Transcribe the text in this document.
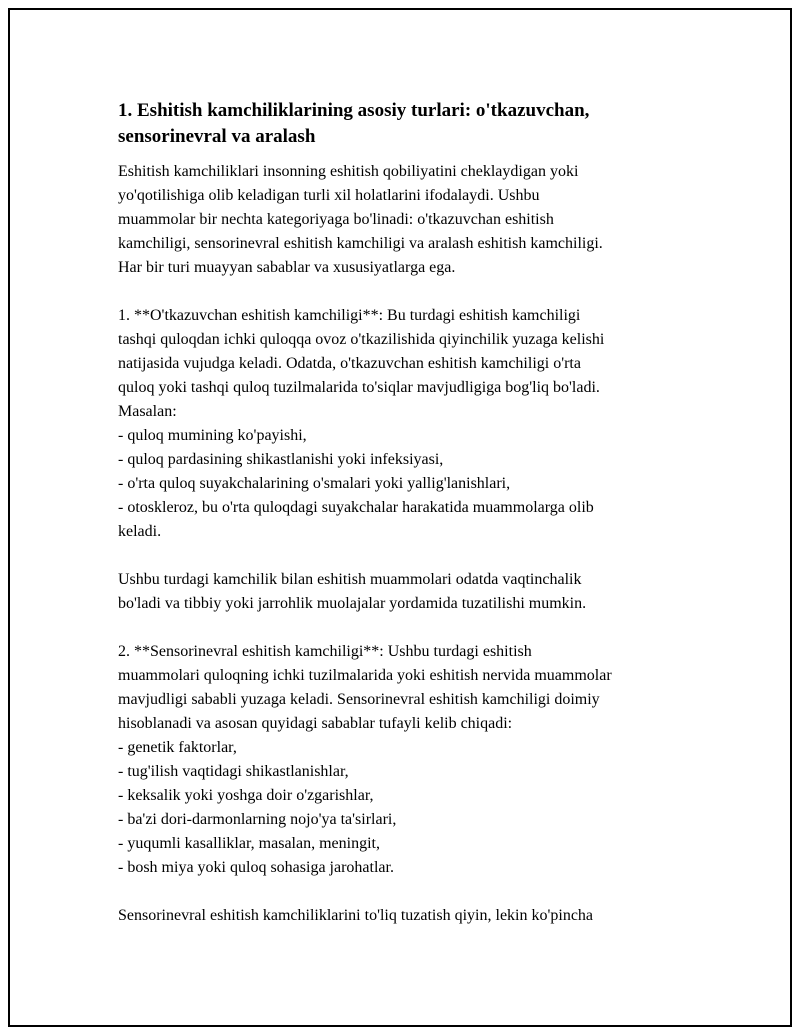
1. Eshitish kamchiliklarining asosiy turlari: o'tkazuvchan,
sensorinevral va aralash
Eshitish kamchiliklari insonning eshitish qobiliyatini cheklaydigan yoki
yo'qotilishiga olib keladigan turli xil holatlarini ifodalaydi. Ushbu
muammolar bir nechta kategoriyaga bo'linadi: o'tkazuvchan eshitish
kamchiligi, sensorinevral eshitish kamchiligi va aralash eshitish kamchiligi.
Har bir turi muayyan sabablar va xususiyatlarga ega.
1. **O'tkazuvchan eshitish kamchiligi**: Bu turdagi eshitish kamchiligi
tashqi quloqdan ichki quloqqa ovoz o'tkazilishida qiyinchilik yuzaga kelishi
natijasida vujudga keladi. Odatda, o'tkazuvchan eshitish kamchiligi o'rta
quloq yoki tashqi quloq tuzilmalarida to'siqlar mavjudligiga bog'liq bo'ladi.
Masalan:
- quloq mumining ko'payishi,
- quloq pardasining shikastlanishi yoki infeksiyasi,
- o'rta quloq suyakchalarining o'smalari yoki yallig'lanishlari,
- otoskleroz, bu o'rta quloqdagi suyakchalar harakatida muammolarga olib
keladi.
Ushbu turdagi kamchilik bilan eshitish muammolari odatda vaqtinchalik
bo'ladi va tibbiy yoki jarrohlik muolajalar yordamida tuzatilishi mumkin.
2. **Sensorinevral eshitish kamchiligi**: Ushbu turdagi eshitish
muammolari quloqning ichki tuzilmalarida yoki eshitish nervida muammolar
mavjudligi sababli yuzaga keladi. Sensorinevral eshitish kamchiligi doimiy
hisoblanadi va asosan quyidagi sabablar tufayli kelib chiqadi:
- genetik faktorlar,
- tug'ilish vaqtidagi shikastlanishlar,
- keksalik yoki yoshga doir o'zgarishlar,
- ba'zi dori-darmonlarning nojo'ya ta'sirlari,
- yuqumli kasalliklar, masalan, meningit,
- bosh miya yoki quloq sohasiga jarohatlar.
Sensorinevral eshitish kamchiliklarini to'liq tuzatish qiyin, lekin ko'pincha
